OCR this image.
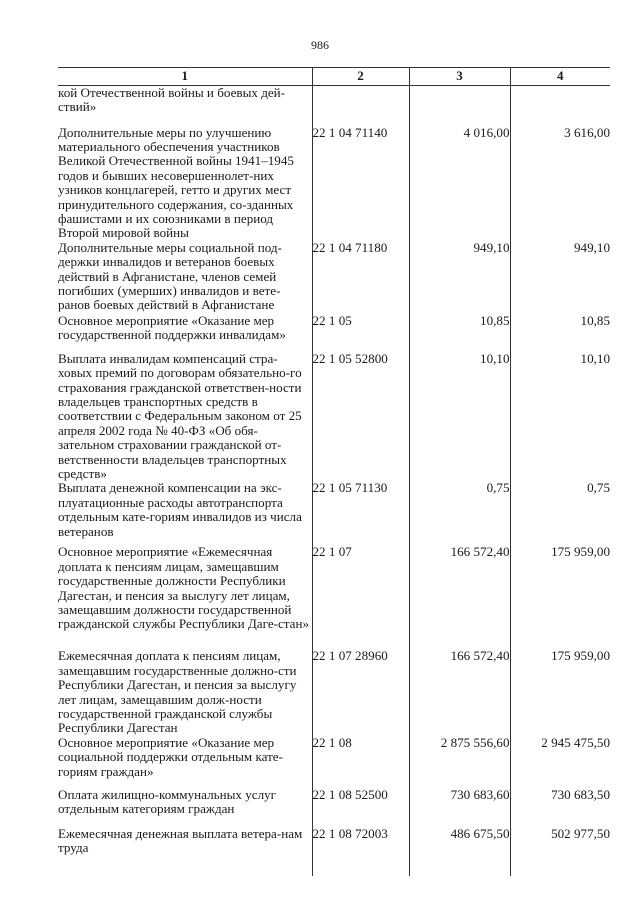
986
1	2	3	4
кой Отечественной войны и боевых дей-ствий»			
Дополнительные меры по улучшению материального обеспечения участников Великой Отечественной войны 1941–1945 годов и бывших несовершеннолет-них узников концлагерей, гетто и других мест принудительного содержания, со-зданных фашистами и их союзниками в период Второй мировой войны	22 1 04 71140	4 016,00	3 616,00
Дополнительные меры социальной под-держки инвалидов и ветеранов боевых действий в Афганистане, членов семей погибших (умерших) инвалидов и вете-ранов боевых действий в Афганистане	22 1 04 71180	949,10	949,10
Основное мероприятие «Оказание мер государственной поддержки инвалидам»	22 1 05	10,85	10,85
Выплата инвалидам компенсаций стра-ховых премий по договорам обязательно-го страхования гражданской ответствен-ности владельцев транспортных средств в соответствии с Федеральным законом от 25 апреля 2002 года № 40-ФЗ «Об обя-зательном страховании гражданской от-ветственности владельцев транспортных средств»	22 1 05 52800	10,10	10,10
Выплата денежной компенсации на экс-плуатационные расходы автотранспорта отдельным кате-гориям инвалидов из числа ветеранов	22 1 05 71130	0,75	0,75
Основное мероприятие «Ежемесячная доплата к пенсиям лицам, замещавшим государственные должности Республики Дагестан, и пенсия за выслугу лет лицам, замещавшим должности государственной гражданской службы Республики Даге-стан»	22 1 07	166 572,40	175 959,00
Ежемесячная доплата к пенсиям лицам, замещавшим государственные должно-сти Республики Дагестан, и пенсия за выслугу лет лицам, замещавшим долж-ности государственной гражданской службы Республики Дагестан	22 1 07 28960	166 572,40	175 959,00
Основное мероприятие «Оказание мер социальной поддержки отдельным кате-гориям граждан»	22 1 08	2 875 556,60	2 945 475,50
Оплата жилищно-коммунальных услуг отдельным категориям граждан	22 1 08 52500	730 683,60	730 683,50
Ежемесячная денежная выплата ветера-нам труда	22 1 08 72003	486 675,50	502 977,50
